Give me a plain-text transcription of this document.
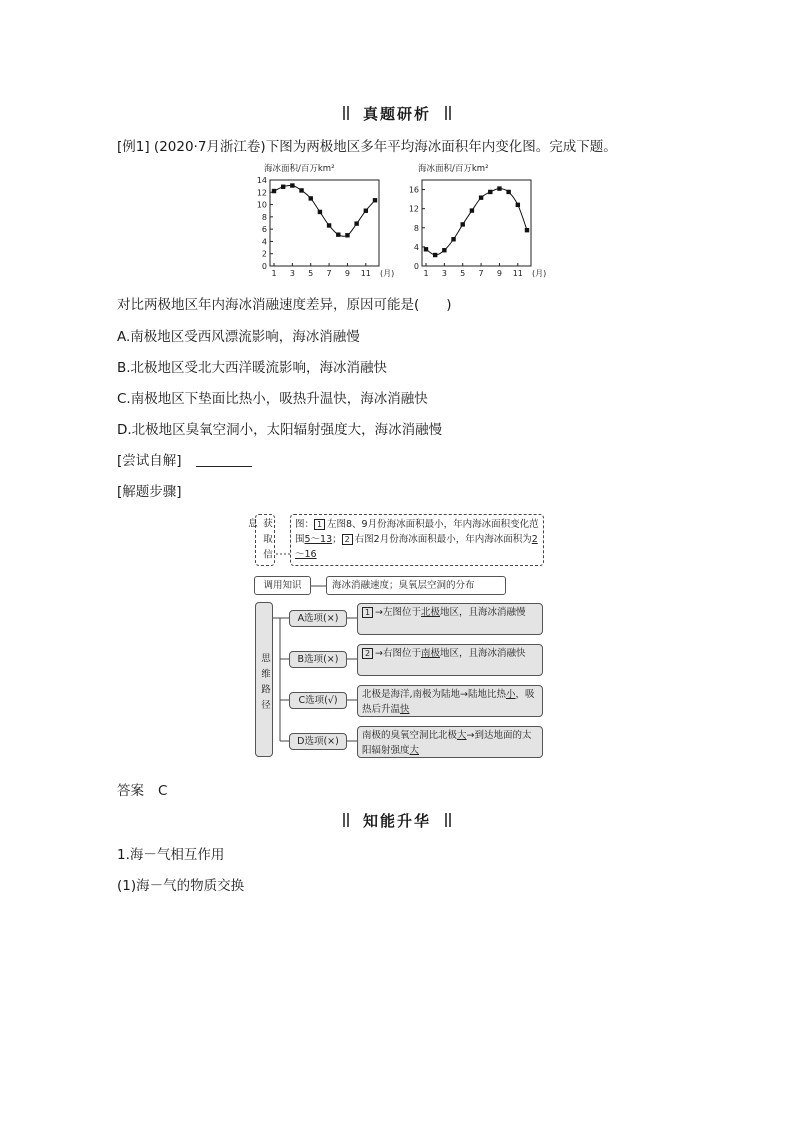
真题研析
[例1] (2020·7月浙江卷)下图为两极地区多年平均海冰面积年内变化图。完成下题。
海冰面积/百万km²
0
2
4
6
8
10
12
14
1 3 5 7 9 11 (月)
海冰面积/百万km²
0
4
8
12
16
1 3 5 7 9 11 (月)
对比两极地区年内海冰消融速度差异，原因可能是(　　)
A.南极地区受西风漂流影响，海冰消融慢
B.北极地区受北大西洋暖流影响，海冰消融快
C.南极地区下垫面比热小，吸热升温快，海冰消融快
D.北极地区臭氧空洞小，太阳辐射强度大，海冰消融慢
[尝试自解]
[解题步骤]
获取信息	图： 1 左图8、9月份海冰面积最小，年内海冰面积变化范围5～13； 2 右图2月份海冰面积最小，年内海冰面积为2～16
调用知识	海冰消融速度；臭氧层空洞的分布
思维路径
A选项(×)
B选项(×)
C选项(√)
D选项(×)
1 →左图位于北极地区，且海冰消融慢
2 →右图位于南极地区，且海冰消融快
北极是海洋,南极为陆地→陆地比热小，吸热后升温快
南极的臭氧空洞比北极大→到达地面的太阳辐射强度大
答案 C
知能升华
1.海－气相互作用
(1)海－气的物质交换
